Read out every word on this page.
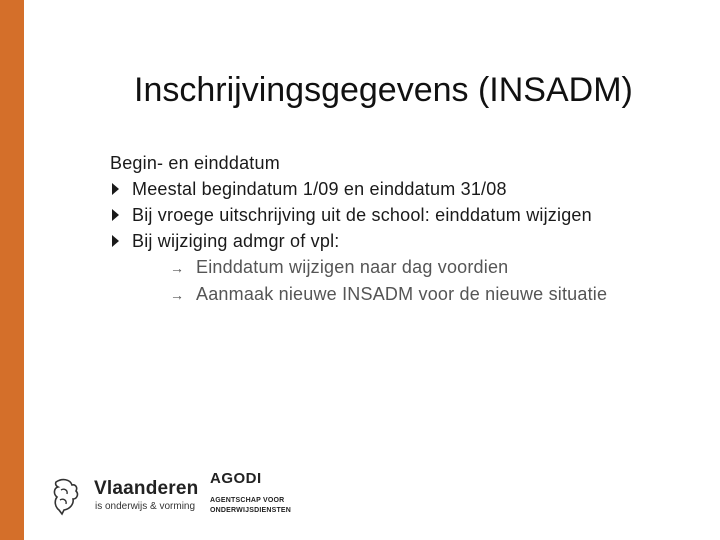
Inschrijvingsgegevens (INSADM)

Begin- en einddatum

Meestal begindatum 1/09 en einddatum 31/08
Bij vroege uitschrijving uit de school: einddatum wijzigen
Bij wijziging admgr of vpl:
→ Einddatum wijzigen naar dag voordien
→ Aanmaak nieuwe INSADM voor de nieuwe situatie
Vlaanderen
is onderwijs & vorming
AGODI
AGENTSCHAP VOOR
ONDERWIJSDIENSTEN
